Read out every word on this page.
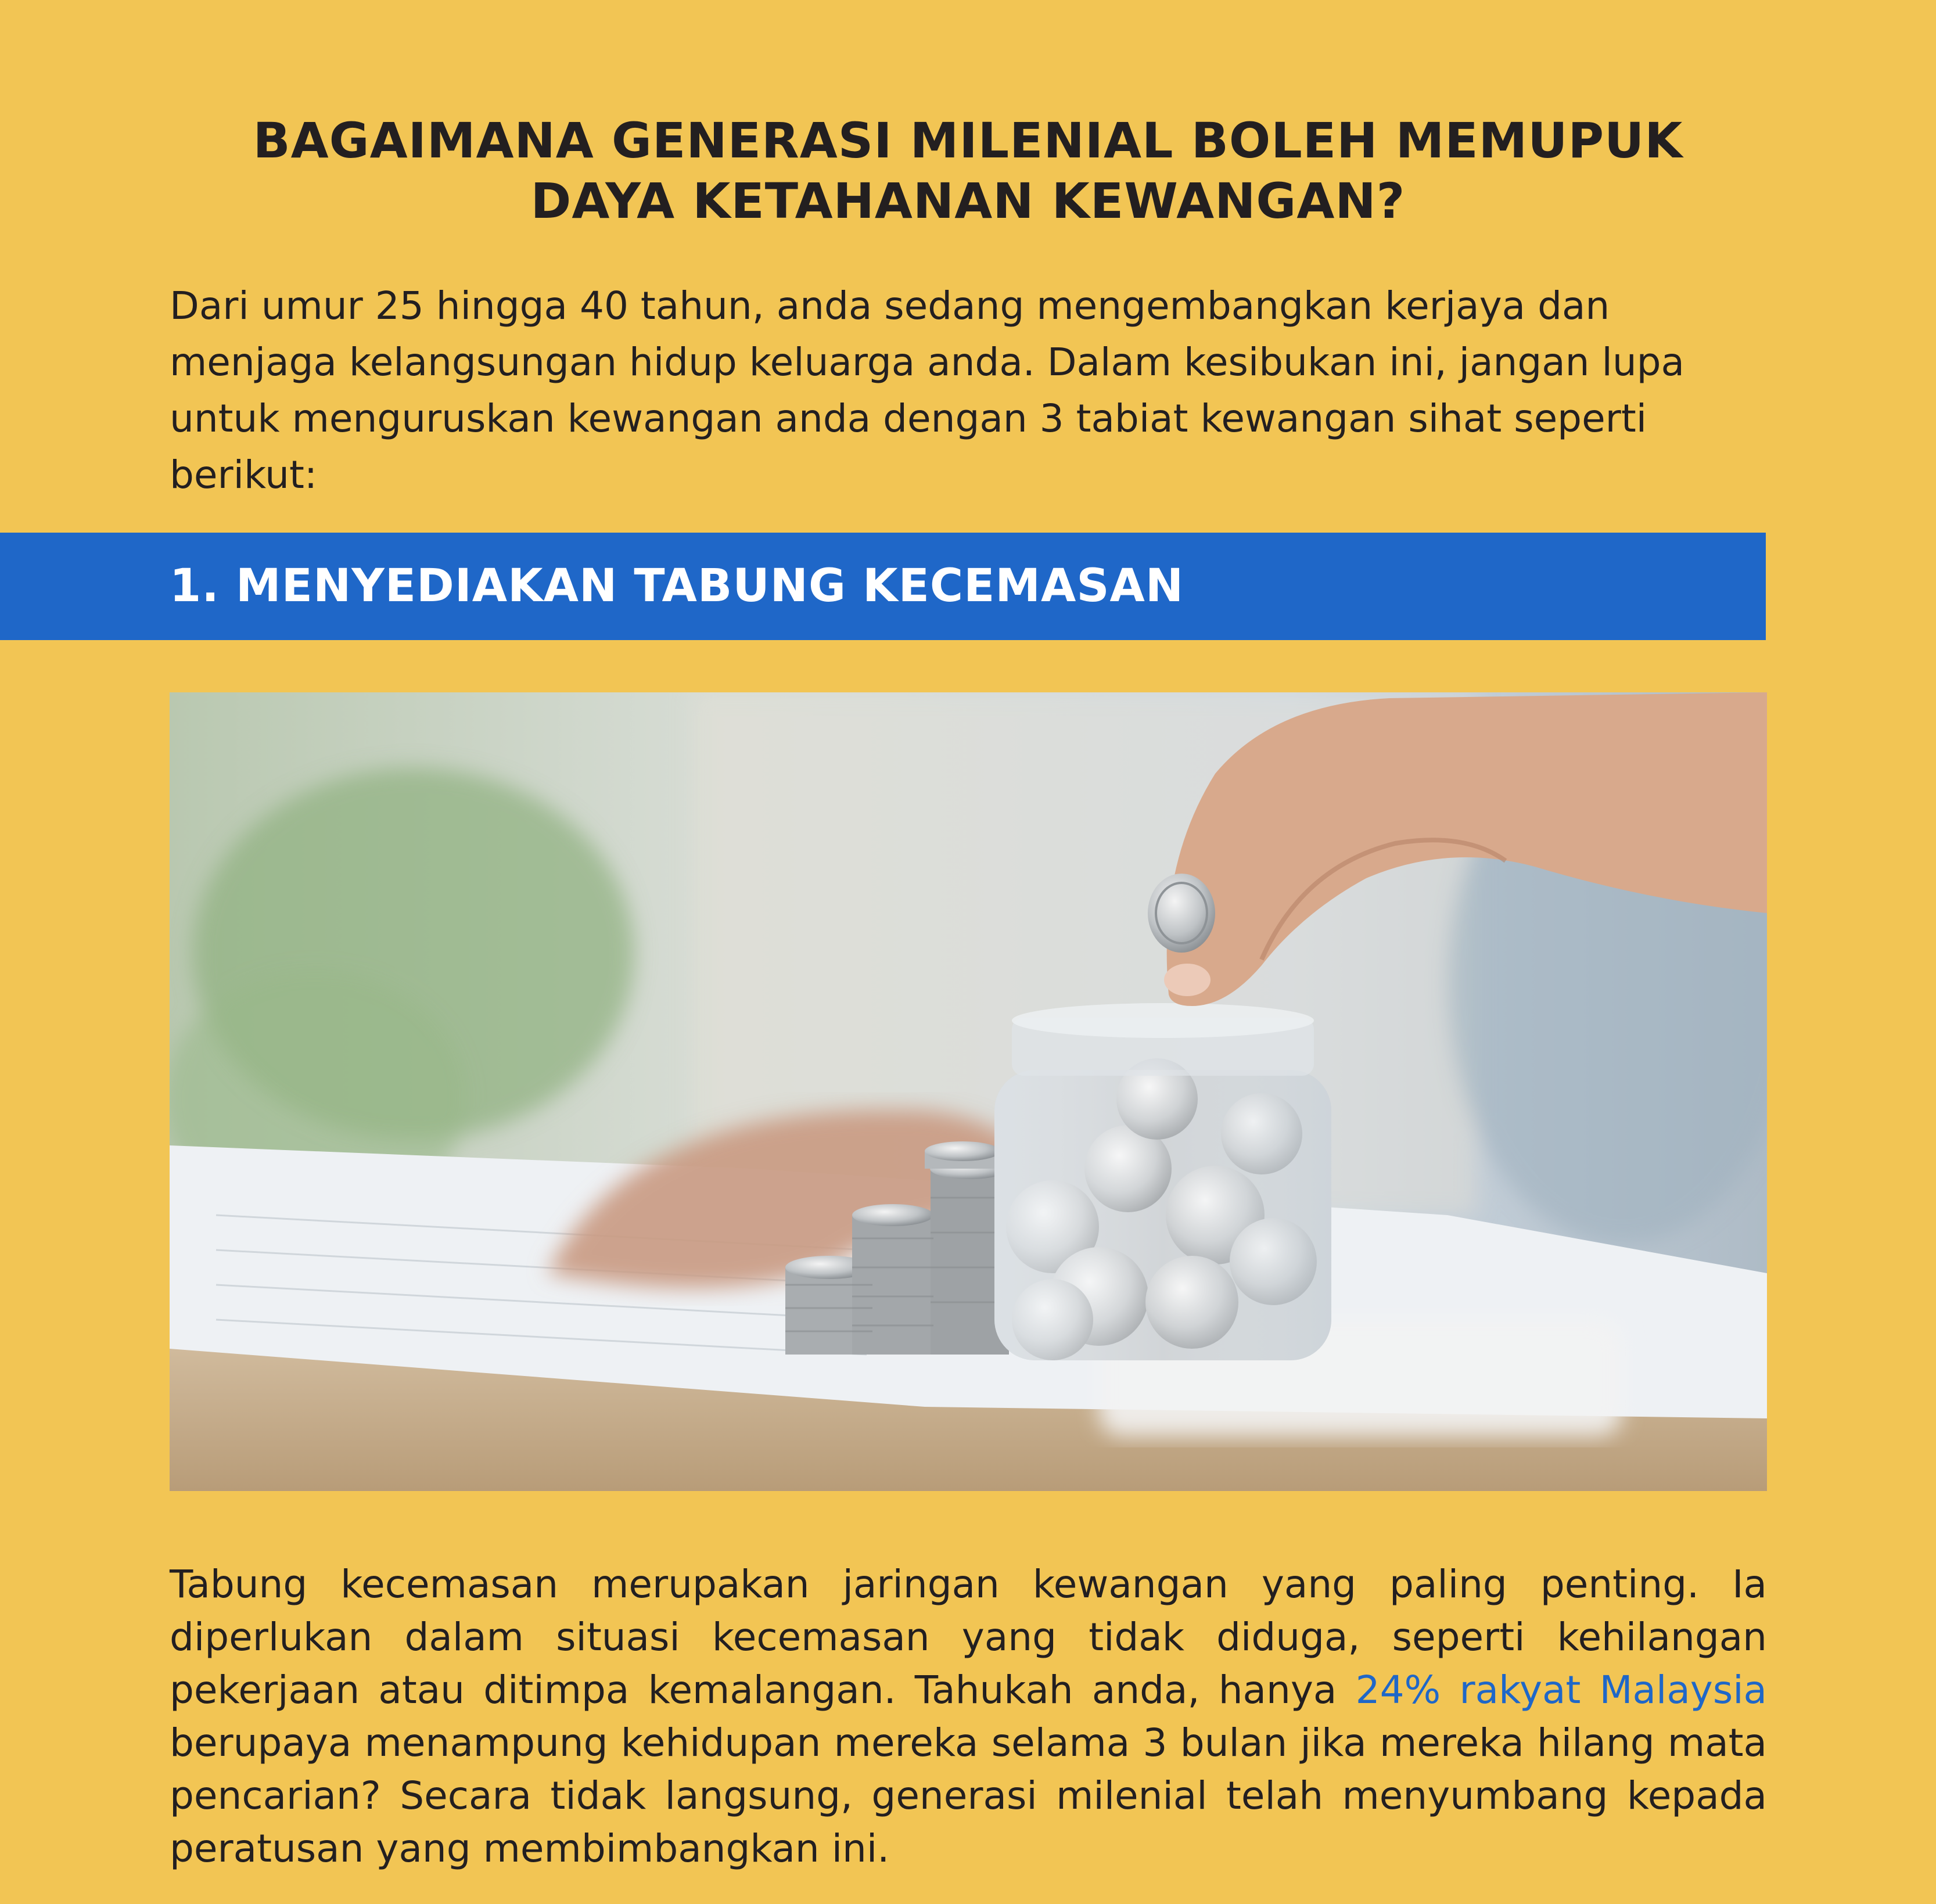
BAGAIMANA GENERASI MILENIAL BOLEH MEMUPUK
DAYA KETAHANAN KEWANGAN?

Dari umur 25 hingga 40 tahun, anda sedang mengembangkan kerjaya dan menjaga kelangsungan hidup keluarga anda. Dalam kesibukan ini, jangan lupa untuk menguruskan kewangan anda dengan 3 tabiat kewangan sihat seperti berikut:

1. MENYEDIAKAN TABUNG KECEMASAN

Tabung kecemasan merupakan jaringan kewangan yang paling penting. Ia diperlukan dalam situasi kecemasan yang tidak diduga, seperti kehilangan pekerjaan atau ditimpa kemalangan. Tahukah anda, hanya 24% rakyat Malaysia berupaya menampung kehidupan mereka selama 3 bulan jika mereka hilang mata pencarian? Secara tidak langsung, generasi milenial telah menyumbang kepada peratusan yang membimbangkan ini.
